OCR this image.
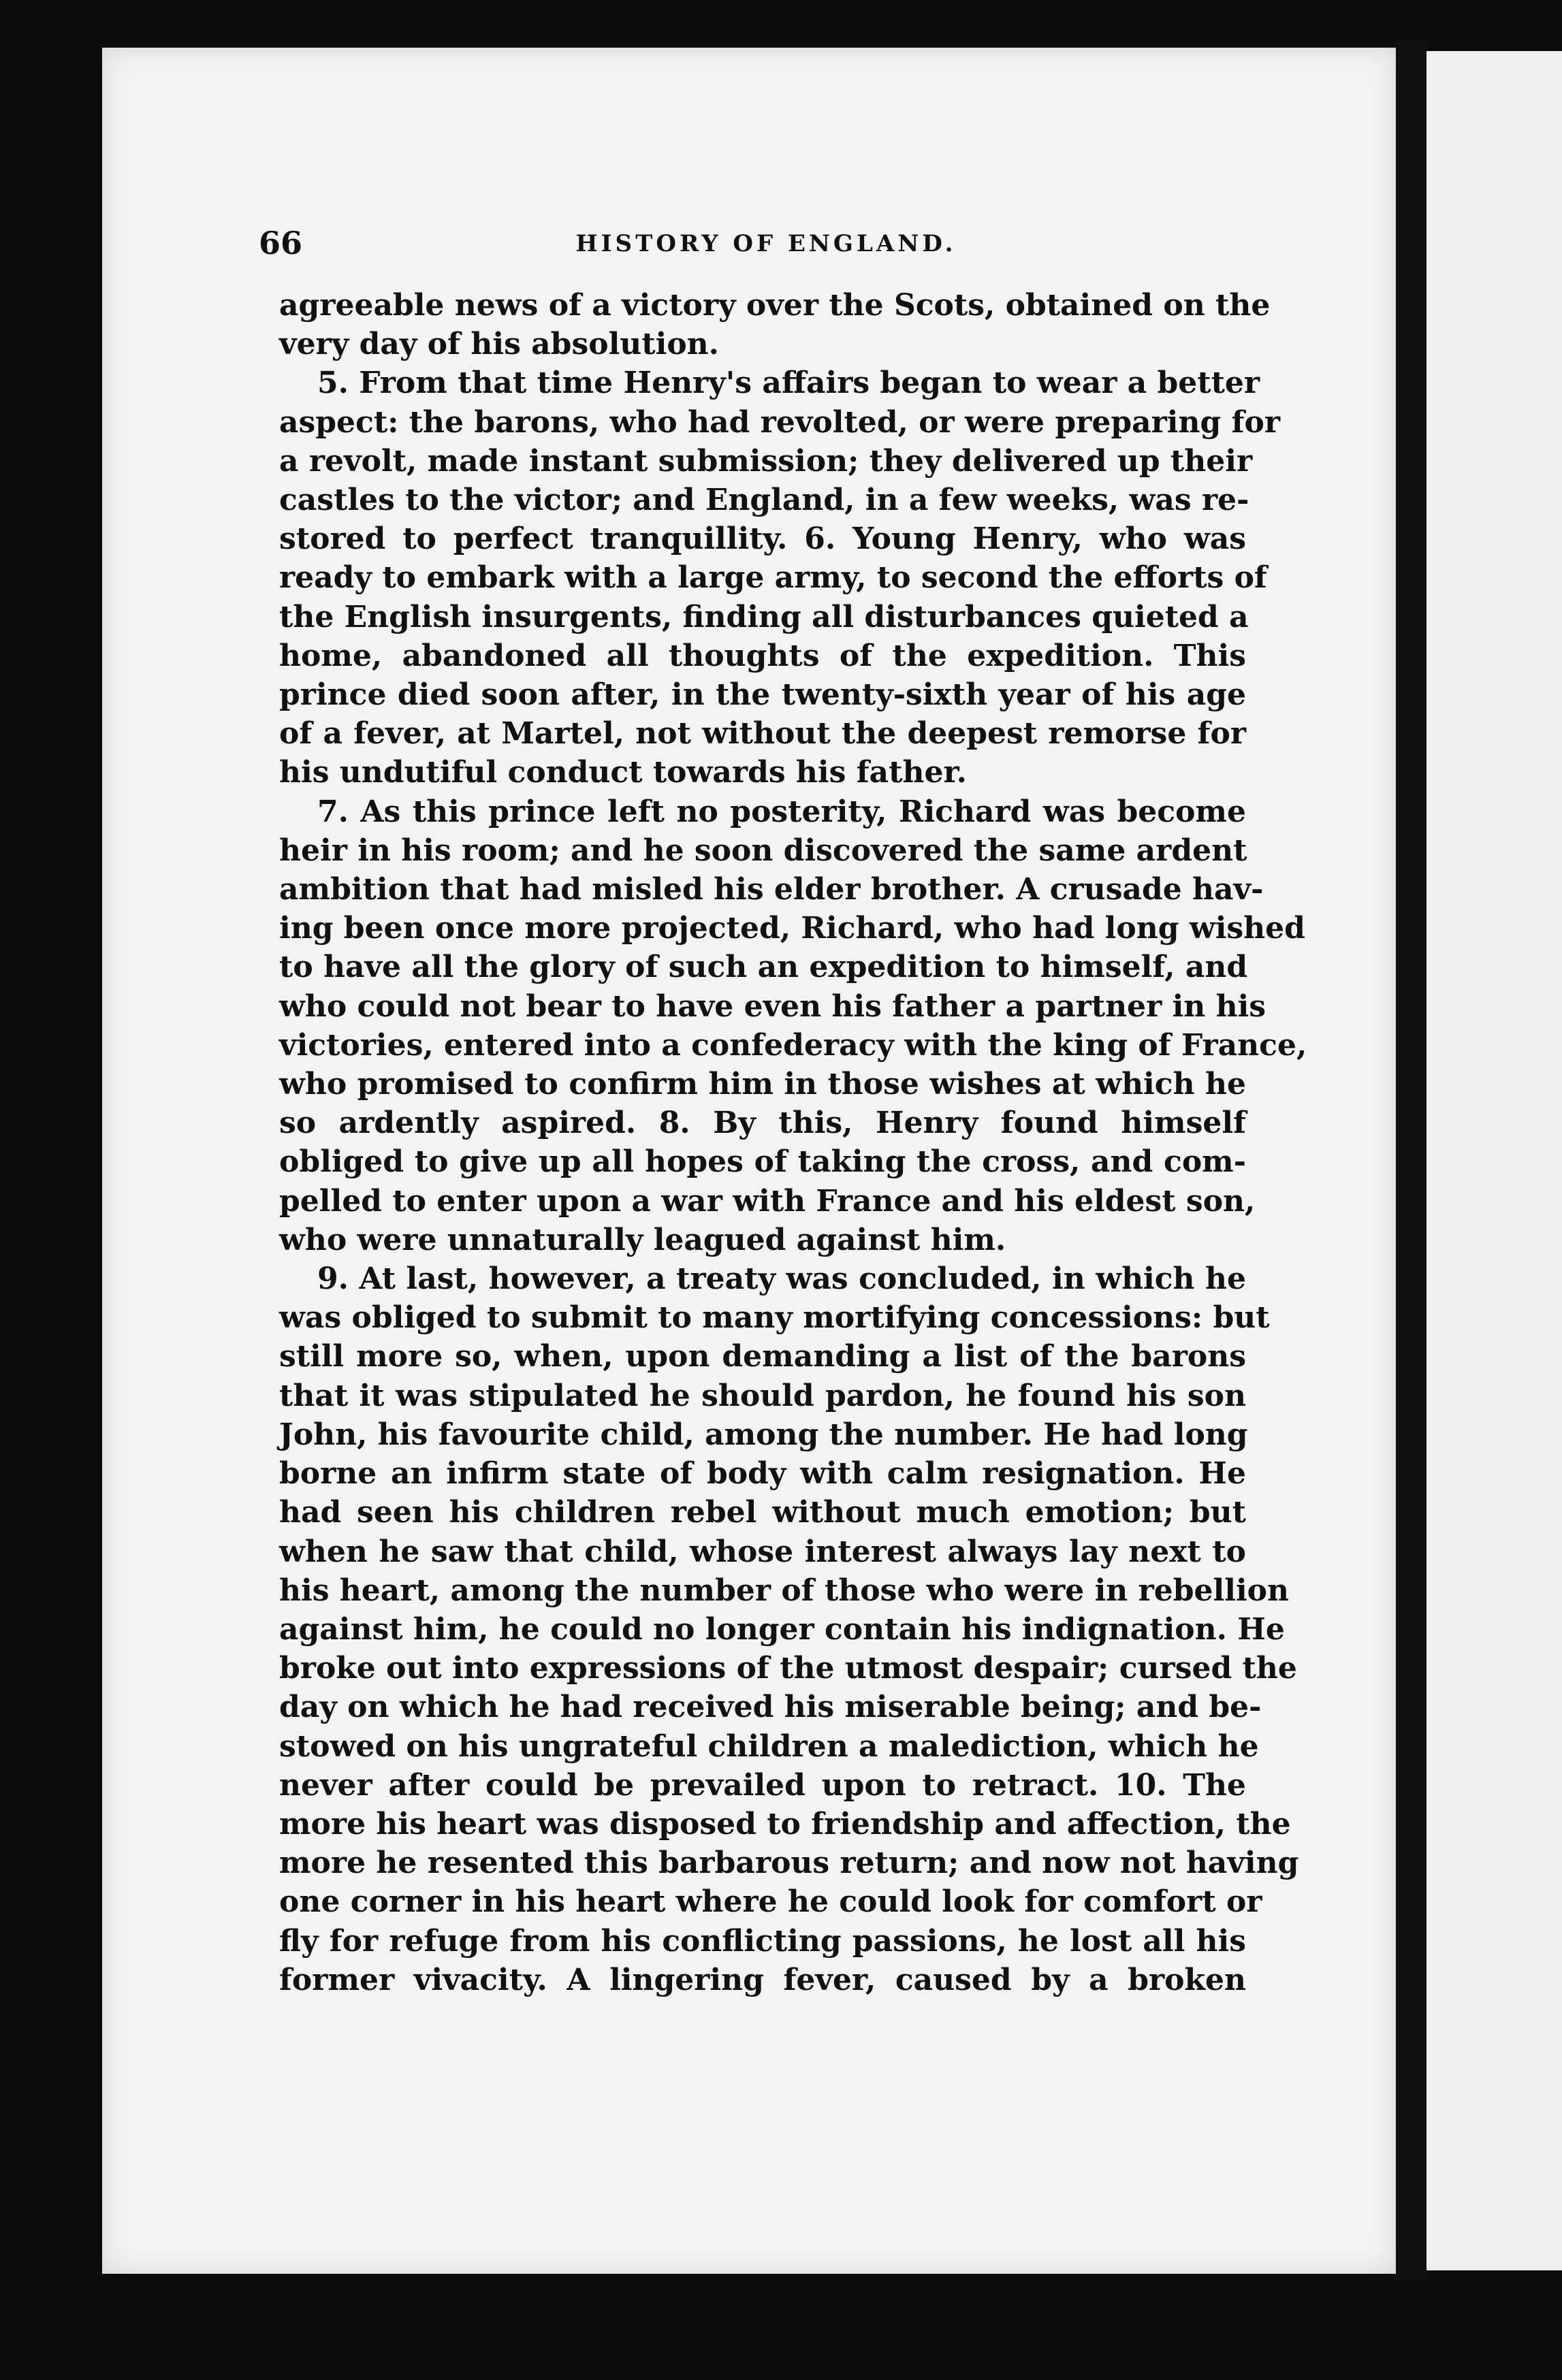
66	HISTORY OF ENGLAND.
agreeable news of a victory over the Scots, obtained on the
very day of his absolution.
5. From that time Henry's affairs began to wear a better
aspect: the barons, who had revolted, or were preparing for
a revolt, made instant submission; they delivered up their
castles to the victor; and England, in a few weeks, was re-
stored to perfect tranquillity. 6. Young Henry, who was
ready to embark with a large army, to second the efforts of
the English insurgents, finding all disturbances quieted a
home, abandoned all thoughts of the expedition. This
prince died soon after, in the twenty-sixth year of his age
of a fever, at Martel, not without the deepest remorse for
his undutiful conduct towards his father.
7. As this prince left no posterity, Richard was become
heir in his room; and he soon discovered the same ardent
ambition that had misled his elder brother. A crusade hav-
ing been once more projected, Richard, who had long wished
to have all the glory of such an expedition to himself, and
who could not bear to have even his father a partner in his
victories, entered into a confederacy with the king of France,
who promised to confirm him in those wishes at which he
so ardently aspired. 8. By this, Henry found himself
obliged to give up all hopes of taking the cross, and com-
pelled to enter upon a war with France and his eldest son,
who were unnaturally leagued against him.
9. At last, however, a treaty was concluded, in which he
was obliged to submit to many mortifying concessions: but
still more so, when, upon demanding a list of the barons
that it was stipulated he should pardon, he found his son
John, his favourite child, among the number. He had long
borne an infirm state of body with calm resignation. He
had seen his children rebel without much emotion; but
when he saw that child, whose interest always lay next to
his heart, among the number of those who were in rebellion
against him, he could no longer contain his indignation. He
broke out into expressions of the utmost despair; cursed the
day on which he had received his miserable being; and be-
stowed on his ungrateful children a malediction, which he
never after could be prevailed upon to retract. 10. The
more his heart was disposed to friendship and affection, the
more he resented this barbarous return; and now not having
one corner in his heart where he could look for comfort or
fly for refuge from his conflicting passions, he lost all his
former vivacity. A lingering fever, caused by a broken
